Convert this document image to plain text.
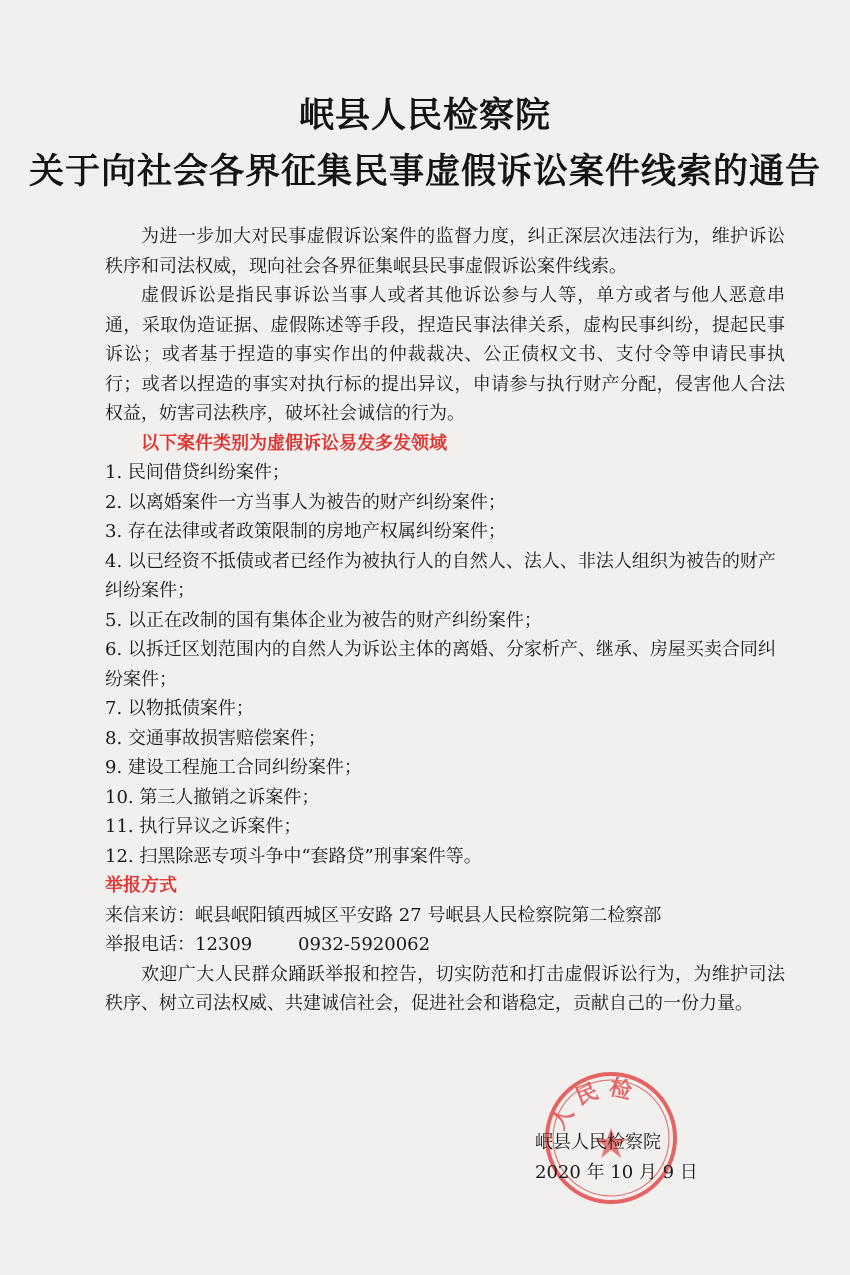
岷县人民检察院
关于向社会各界征集民事虚假诉讼案件线索的通告

为进一步加大对民事虚假诉讼案件的监督力度，纠正深层次违法行为，维护诉讼秩序和司法权威，现向社会各界征集岷县民事虚假诉讼案件线索。

虚假诉讼是指民事诉讼当事人或者其他诉讼参与人等，单方或者与他人恶意串通，采取伪造证据、虚假陈述等手段，捏造民事法律关系，虚构民事纠纷，提起民事诉讼；或者基于捏造的事实作出的仲裁裁决、公正债权文书、支付令等申请民事执行；或者以捏造的事实对执行标的提出异议，申请参与执行财产分配，侵害他人合法权益，妨害司法秩序，破坏社会诚信的行为。

以下案件类别为虚假诉讼易发多发领域

1. 民间借贷纠纷案件；

2. 以离婚案件一方当事人为被告的财产纠纷案件；

3. 存在法律或者政策限制的房地产权属纠纷案件；

4. 以已经资不抵债或者已经作为被执行人的自然人、法人、非法人组织为被告的财产纠纷案件；

5. 以正在改制的国有集体企业为被告的财产纠纷案件；

6. 以拆迁区划范围内的自然人为诉讼主体的离婚、分家析产、继承、房屋买卖合同纠纷案件；

7. 以物抵债案件；

8. 交通事故损害赔偿案件；

9. 建设工程施工合同纠纷案件；

10. 第三人撤销之诉案件；

11. 执行异议之诉案件；

12. 扫黑除恶专项斗争中“套路贷”刑事案件等。

举报方式

来信来访：岷县岷阳镇西城区平安路 27 号岷县人民检察院第二检察部

举报电话：12309        0932-5920062

欢迎广大人民群众踊跃举报和控告，切实防范和打击虚假诉讼行为，为维护司法秩序、树立司法权威、共建诚信社会，促进社会和谐稳定，贡献自己的一份力量。

人民检
岷县人民检察院
2020 年 10 月 9 日
